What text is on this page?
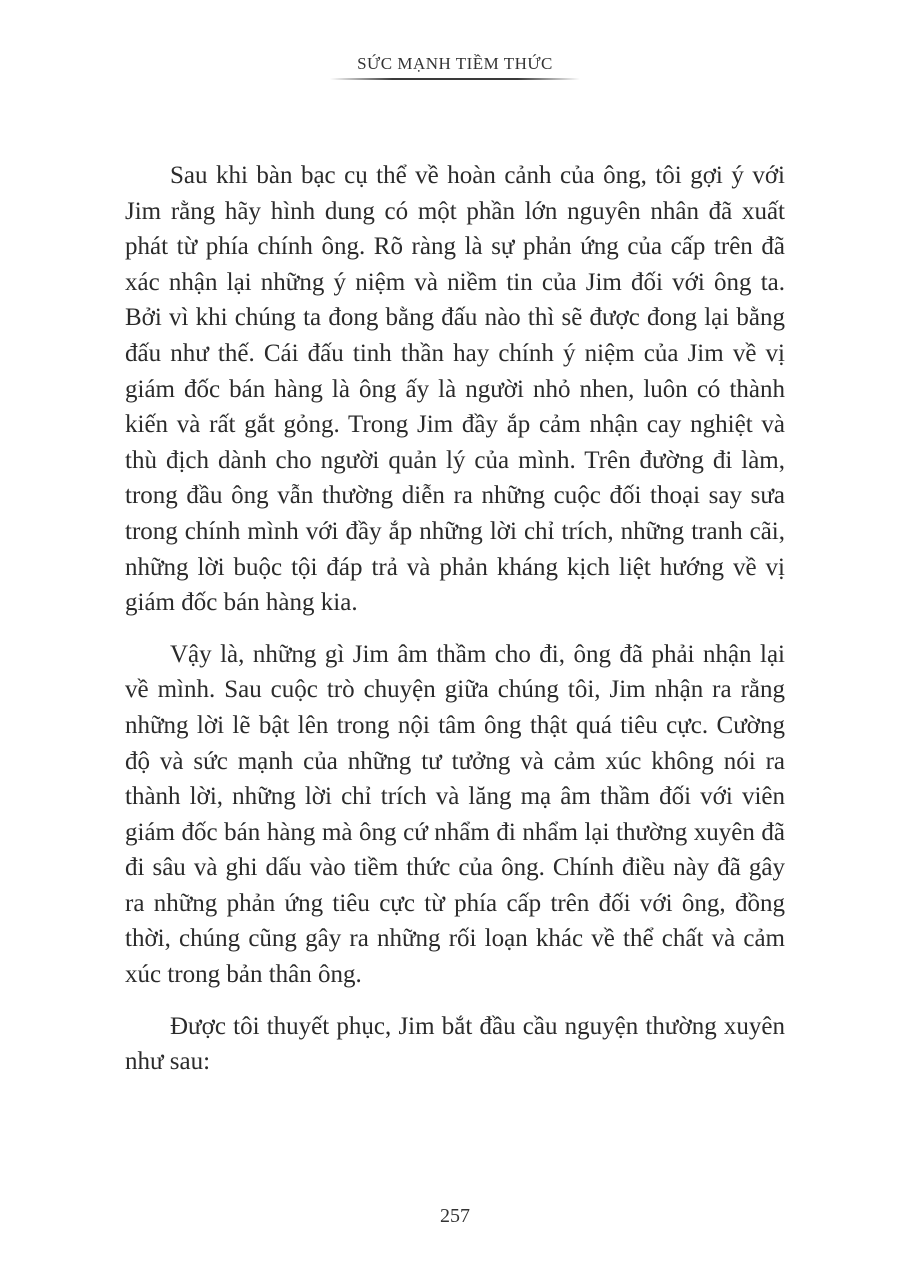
SỨC MẠNH TIỀM THỨC

Sau khi bàn bạc cụ thể về hoàn cảnh của ông, tôi gợi ý với Jim rằng hãy hình dung có một phần lớn nguyên nhân đã xuất phát từ phía chính ông. Rõ ràng là sự phản ứng của cấp trên đã xác nhận lại những ý niệm và niềm tin của Jim đối với ông ta. Bởi vì khi chúng ta đong bằng đấu nào thì sẽ được đong lại bằng đấu như thế. Cái đấu tinh thần hay chính ý niệm của Jim về vị giám đốc bán hàng là ông ấy là người nhỏ nhen, luôn có thành kiến và rất gắt gỏng. Trong Jim đầy ắp cảm nhận cay nghiệt và thù địch dành cho người quản lý của mình. Trên đường đi làm, trong đầu ông vẫn thường diễn ra những cuộc đối thoại say sưa trong chính mình với đầy ắp những lời chỉ trích, những tranh cãi, những lời buộc tội đáp trả và phản kháng kịch liệt hướng về vị giám đốc bán hàng kia.

Vậy là, những gì Jim âm thầm cho đi, ông đã phải nhận lại về mình. Sau cuộc trò chuyện giữa chúng tôi, Jim nhận ra rằng những lời lẽ bật lên trong nội tâm ông thật quá tiêu cực. Cường độ và sức mạnh của những tư tưởng và cảm xúc không nói ra thành lời, những lời chỉ trích và lăng mạ âm thầm đối với viên giám đốc bán hàng mà ông cứ nhẩm đi nhẩm lại thường xuyên đã đi sâu và ghi dấu vào tiềm thức của ông. Chính điều này đã gây ra những phản ứng tiêu cực từ phía cấp trên đối với ông, đồng thời, chúng cũng gây ra những rối loạn khác về thể chất và cảm xúc trong bản thân ông.

Được tôi thuyết phục, Jim bắt đầu cầu nguyện thường xuyên như sau:

257
